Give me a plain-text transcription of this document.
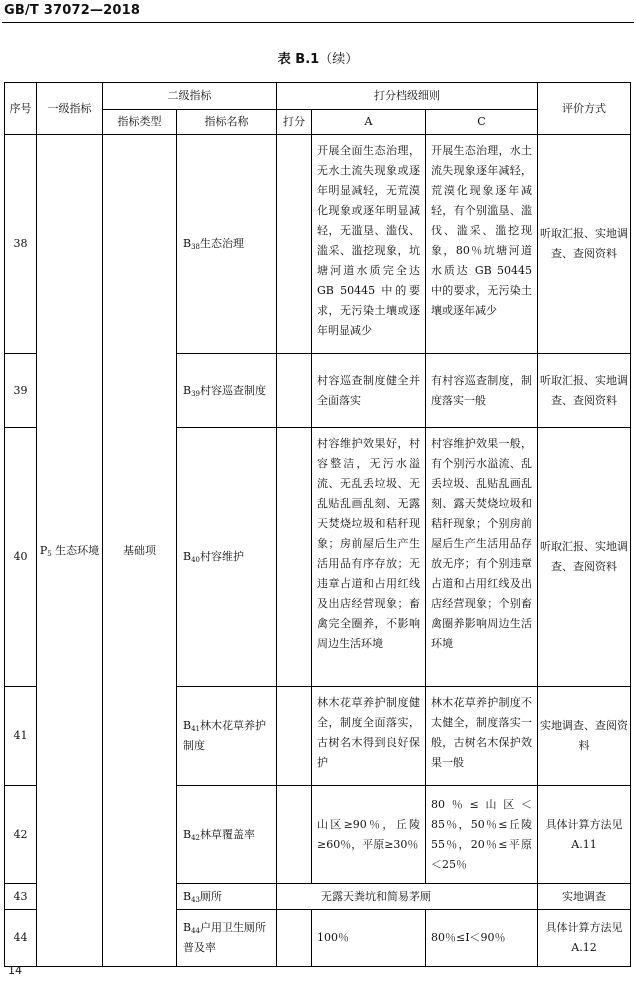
GB/T 37072—2018
表 B.1（续）
序号	一级指标	二级指标		打分档级细则			评价方式
		指标类型	指标名称	打分	A	C	
38	$P_5$ 生态环境	基础项	$B_{38}$生态治理		开展全面生态治理，无水土流失现象或逐年明显减轻，无荒漠化现象或逐年明显减轻，无滥垦、滥伐、滥采、滥挖现象，坑塘河道水质完全达 GB 50445 中的要求，无污染土壤或逐年明显减少	开展生态治理，水土流失现象逐年减轻，荒漠化现象逐年减轻，有个别滥垦、滥伐、滥采、滥挖现象，80％坑塘河道水质达 GB 50445 中的要求，无污染土壤或逐年减少	听取汇报、实地调查、查阅资料
39			$B_{39}$村容巡查制度		村容巡查制度健全并全面落实	有村容巡查制度，制度落实一般	听取汇报、实地调查、查阅资料
40			$B_{40}$村容维护		村容维护效果好，村容整洁，无污水溢流、无乱丢垃圾、无乱贴乱画乱刻、无露天焚烧垃圾和秸秆现象；房前屋后生产生活用品有序存放；无违章占道和占用红线及出店经营现象；畜禽完全圈养，不影响周边生活环境	村容维护效果一般，有个别污水溢流、乱丢垃圾、乱贴乱画乱刻、露天焚烧垃圾和秸秆现象；个别房前屋后生产生活用品存放无序；有个别违章占道和占用红线及出店经营现象；个别畜禽圈养影响周边生活环境	听取汇报、实地调查、查阅资料
41			$B_{41}$林木花草养护制度		林木花草养护制度健全，制度全面落实，古树名木得到良好保护	林木花草养护制度不太健全，制度落实一般，古树名木保护效果一般	实地调查、查阅资料
42			$B_{42}$林草覆盖率		山区≥90％，丘陵≥60％，平原≥30％	80％≤山区＜85％，50％≤丘陵 55％，20％≤平原＜25％	具体计算方法见 A.11
43			$B_{43}$厕所	无露天粪坑和简易茅厕			实地调查
44			$B_{44}$户用卫生厕所普及率		100％	80％≤I＜90％	具体计算方法见 A.12
14
